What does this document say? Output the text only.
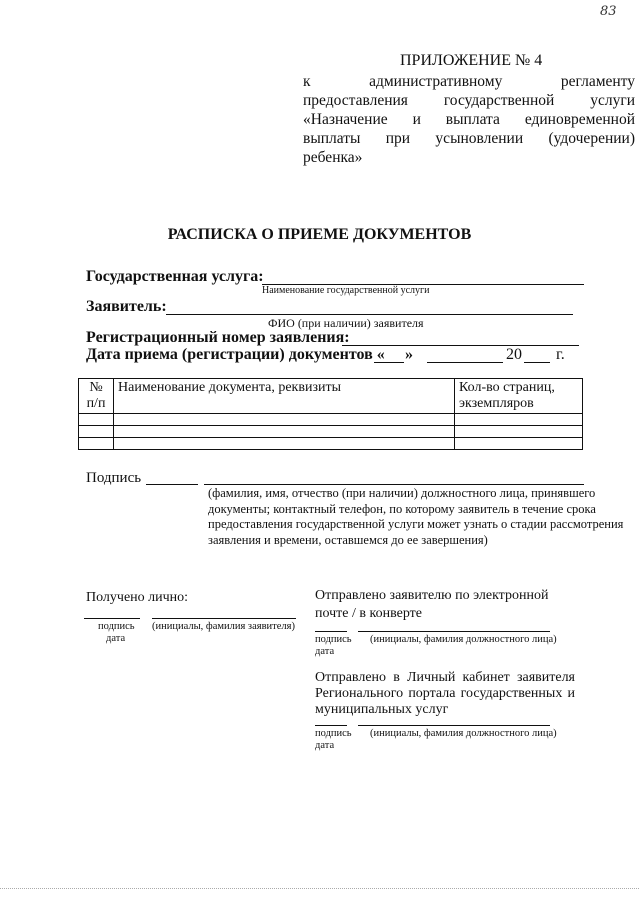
83
ПРИЛОЖЕНИЕ № 4
к административному регламенту
предоставления государственной услуги
«Назначение и выплата единовременной
выплаты при усыновлении (удочерении)
ребенка»
РАСПИСКА О ПРИЕМЕ ДОКУМЕНТОВ
Государственная услуга:
Наименование государственной услуги
Заявитель:
ФИО (при наличии) заявителя
Регистрационный номер заявления:
Дата приема (регистрации) документов « »	20 г.
№ п/п	Наименование документа, реквизиты	Кол-во страниц, экземпляров

Подпись
(фамилия, имя, отчество (при наличии) должностного лица, принявшего документы; контактный телефон, по которому заявитель в течение срока предоставления государственной услуги может узнать о стадии рассмотрения заявления и времени, оставшемся до ее завершения)
Получено лично:
подпись (инициалы, фамилия заявителя)
дата
Отправлено заявителю по электронной почте / в конверте
подпись (инициалы, фамилия должностного лица)
дата
Отправлено в Личный кабинет заявителя Регионального портала государственных и муниципальных услуг
подпись (инициалы, фамилия должностного лица)
дата
